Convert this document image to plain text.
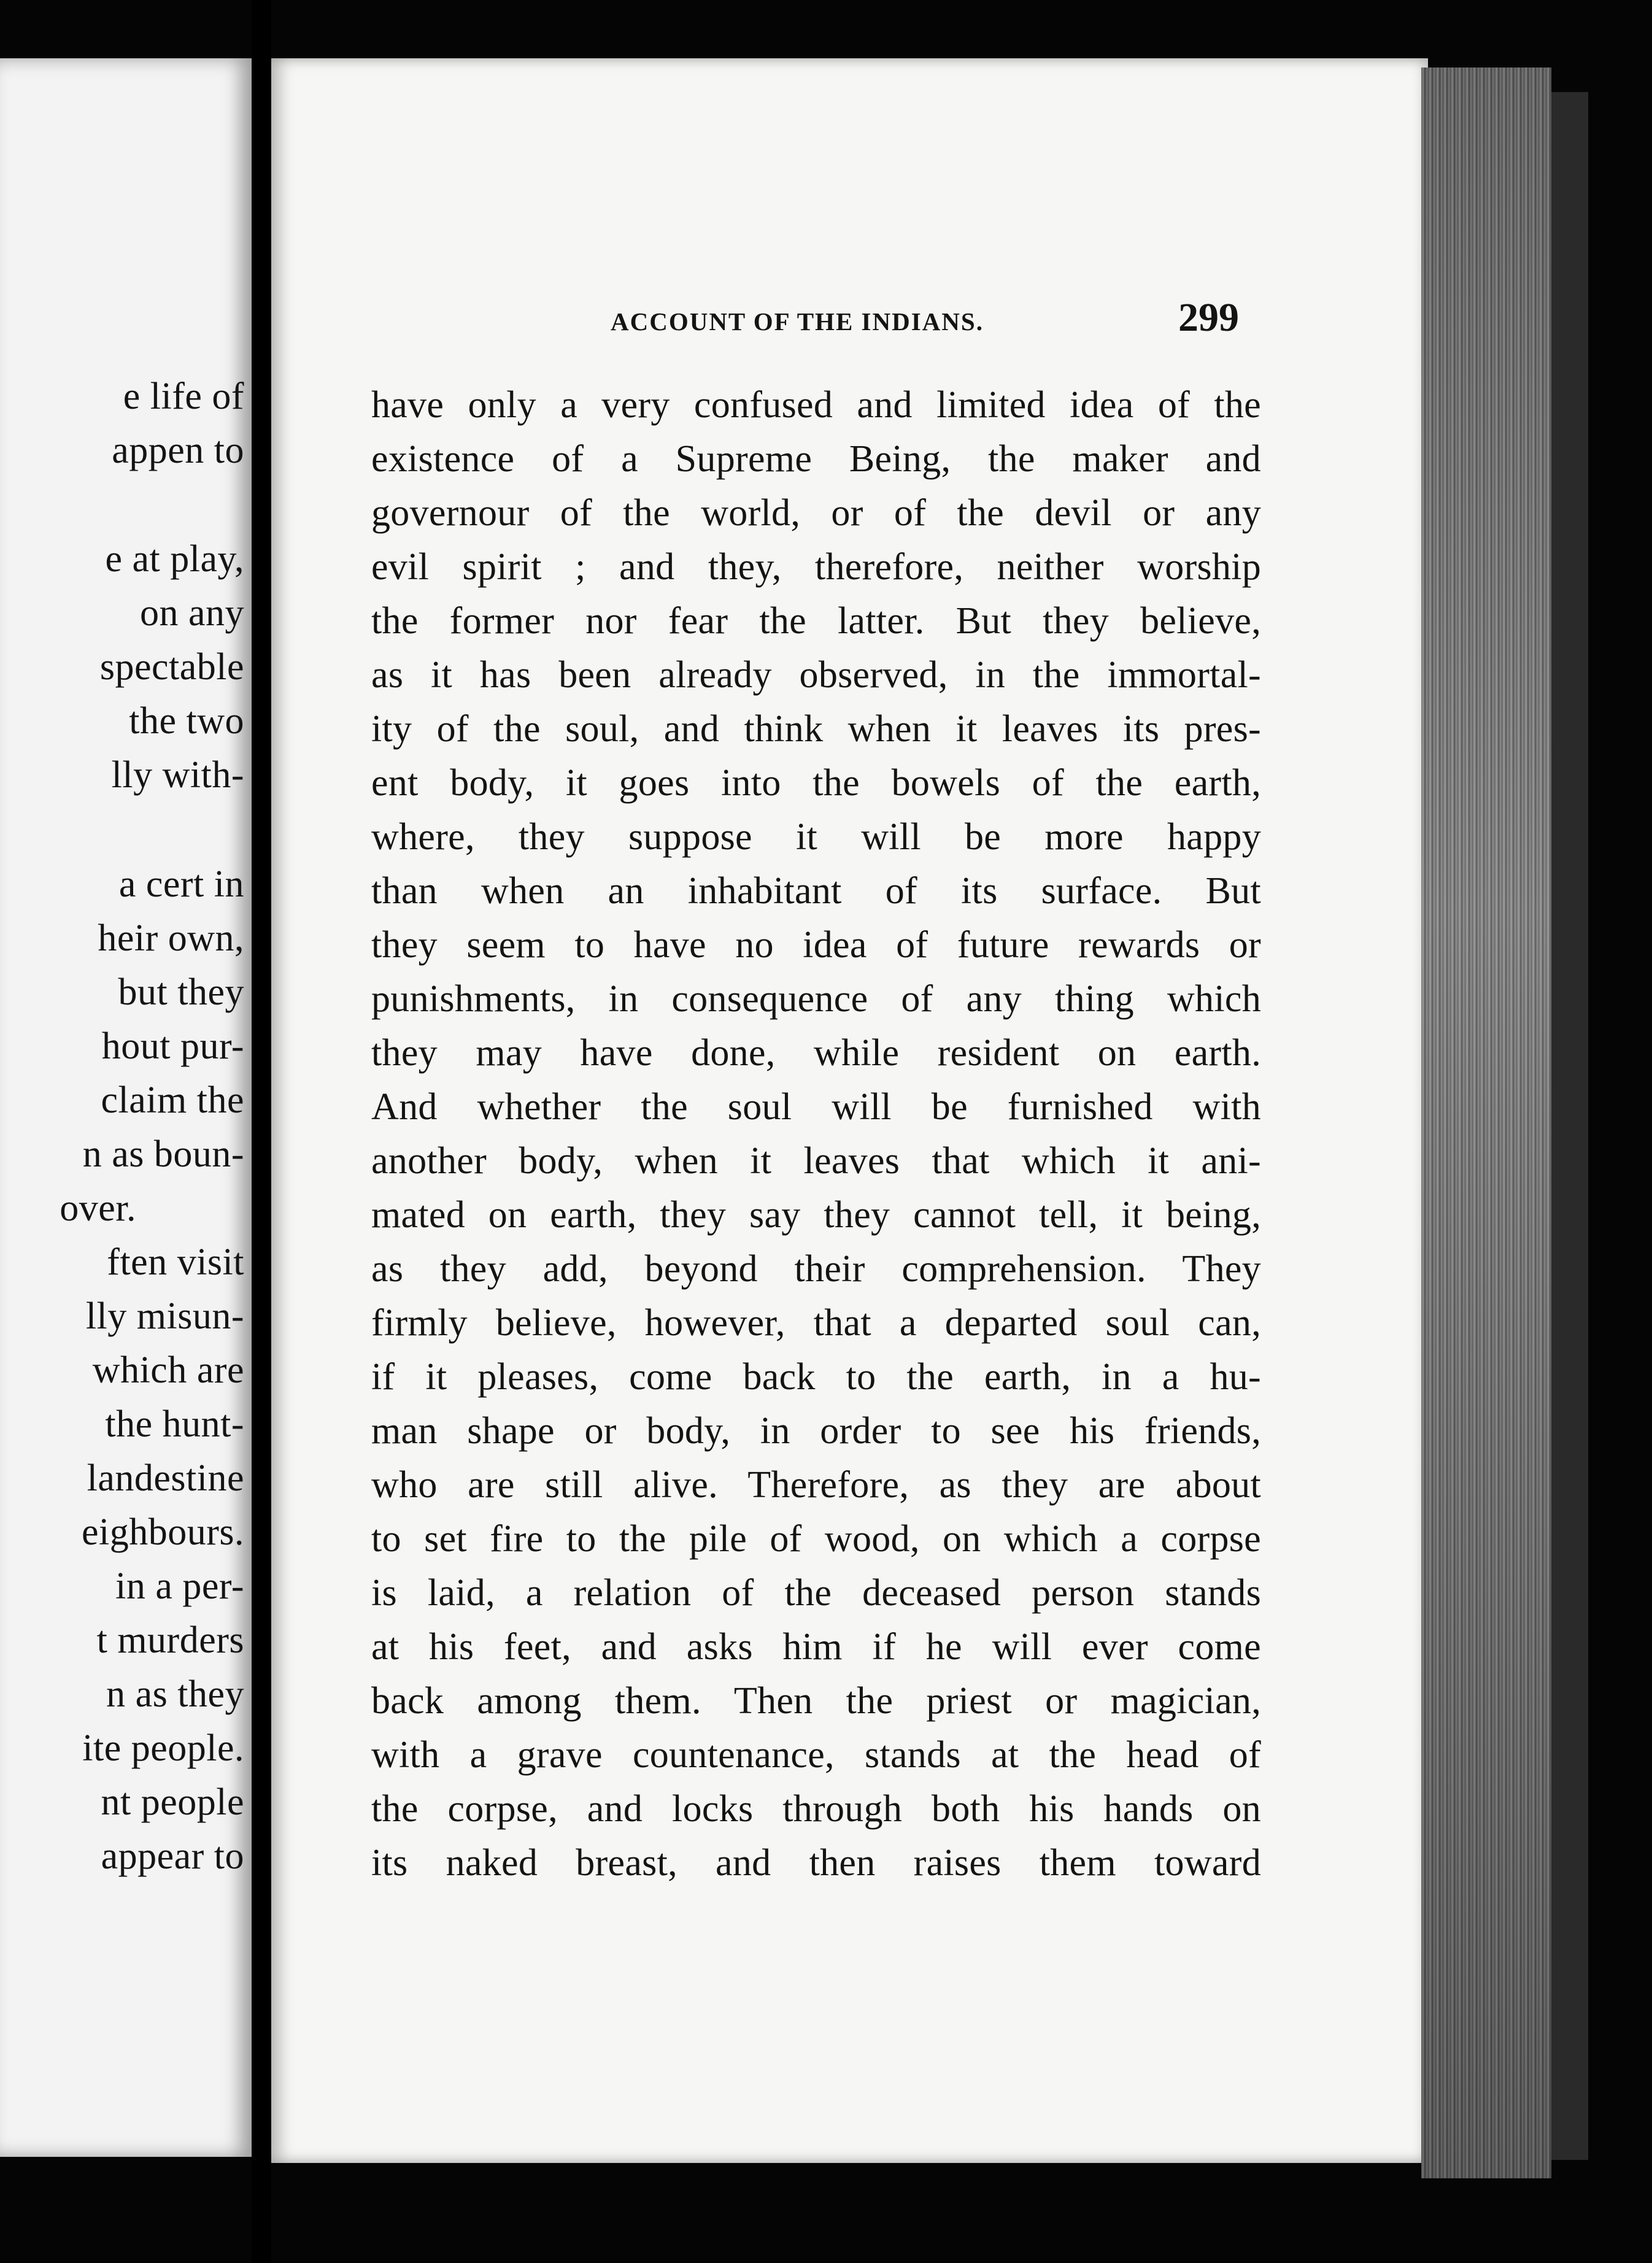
e life of
appen to
e at play,
on any
spectable
the two
lly with-
a cert in
heir own,
but they
hout pur-
claim the
n as boun-
over.
ften visit
lly misun-
which are
the hunt-
landestine
eighbours.
in a per-
t murders
n as they
ite people.
nt people
appear to
ACCOUNT OF THE INDIANS.	299
have only a very confused and limited idea of the
existence of a Supreme Being, the maker and
governour of the world, or of the devil or any
evil spirit ; and they, therefore, neither worship
the former nor fear the latter. But they believe,
as it has been already observed, in the immortal-
ity of the soul, and think when it leaves its pres-
ent body, it goes into the bowels of the earth,
where, they suppose it will be more happy
than when an inhabitant of its surface. But
they seem to have no idea of future rewards or
punishments, in consequence of any thing which
they may have done, while resident on earth.
And whether the soul will be furnished with
another body, when it leaves that which it ani-
mated on earth, they say they cannot tell, it being,
as they add, beyond their comprehension. They
firmly believe, however, that a departed soul can,
if it pleases, come back to the earth, in a hu-
man shape or body, in order to see his friends,
who are still alive. Therefore, as they are about
to set fire to the pile of wood, on which a corpse
is laid, a relation of the deceased person stands
at his feet, and asks him if he will ever come
back among them. Then the priest or magician,
with a grave countenance, stands at the head of
the corpse, and locks through both his hands on
its naked breast, and then raises them toward
